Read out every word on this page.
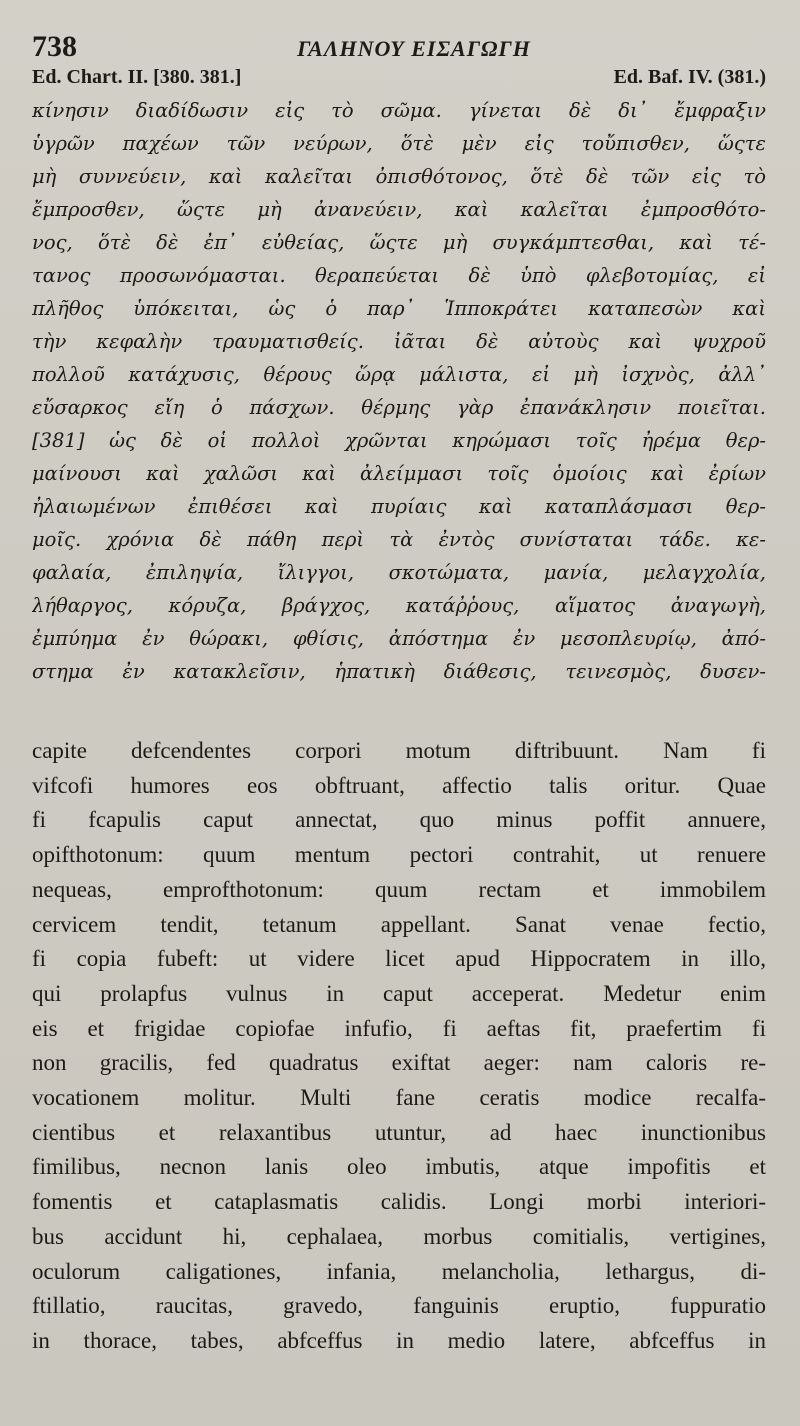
738	ΓΑΛΗΝΟΥ ΕΙΣΑΓΩΓΗ
Ed. Chart. II. [380. 381.]	Ed. Baf. IV. (381.)
κίνησιν διαδίδωσιν εἰς τὸ σῶμα. γίνεται δὲ δι᾽ ἔμφραξιν
ὑγρῶν παχέων τῶν νεύρων, ὅτὲ μὲν εἰς τοὔπισθεν, ὥςτε
μὴ συννεύειν, καὶ καλεῖται ὀπισθότονος, ὅτὲ δὲ τῶν εἰς τὸ
ἔμπροσθεν, ὥςτε μὴ ἀνανεύειν, καὶ καλεῖται ἐμπροσθότο-
νος, ὅτὲ δὲ ἐπ᾽ εὐθείας, ὥςτε μὴ συγκάμπτεσθαι, καὶ τέ-
τανος προσωνόμασται. θεραπεύεται δὲ ὑπὸ φλεβοτομίας, εἰ
πλῆθος ὑπόκειται, ὡς ὁ παρ᾽ Ἱπποκράτει καταπεσὼν καὶ
τὴν κεφαλὴν τραυματισθείς. ἰᾶται δὲ αὐτοὺς καὶ ψυχροῦ
πολλοῦ κατάχυσις, θέρους ὥρᾳ μάλιστα, εἰ μὴ ἰσχνὸς, ἀλλ᾽
εὔσαρκος εἴη ὁ πάσχων. θέρμης γὰρ ἐπανάκλησιν ποιεῖται.
[381] ὡς δὲ οἱ πολλοὶ χρῶνται κηρώμασι τοῖς ἠρέμα θερ-
μαίνουσι καὶ χαλῶσι καὶ ἀλείμμασι τοῖς ὁμοίοις καὶ ἐρίων
ἠλαιωμένων ἐπιθέσει καὶ πυρίαις καὶ καταπλάσμασι θερ-
μοῖς. χρόνια δὲ πάθη περὶ τὰ ἐντὸς συνίσταται τάδε. κε-
φαλαία, ἐπιληψία, ἴλιγγοι, σκοτώματα, μανία, μελαγχολία,
λήθαργος, κόρυζα, βράγχος, κατάῤῥους, αἵματος ἀναγωγὴ,
ἐμπύημα ἐν θώρακι, φθίσις, ἀπόστημα ἐν μεσοπλευρίῳ, ἀπό-
στημα ἐν κατακλεῖσιν, ἡπατικὴ διάθεσις, τεινεσμὸς, δυσεν-
capite defcendentes corpori motum diftribuunt. Nam fi
vifcofi humores eos obftruant, affectio talis oritur. Quae
fi fcapulis caput annectat, quo minus poffit annuere,
opifthotonum: quum mentum pectori contrahit, ut renuere
nequeas, emprofthotonum: quum rectam et immobilem
cervicem tendit, tetanum appellant. Sanat venae fectio,
fi copia fubeft: ut videre licet apud Hippocratem in illo,
qui prolapfus vulnus in caput acceperat. Medetur enim
eis et frigidae copiofae infufio, fi aeftas fit, praefertim fi
non gracilis, fed quadratus exiftat aeger: nam caloris re-
vocationem molitur. Multi fane ceratis modice recalfa-
cientibus et relaxantibus utuntur, ad haec inunctionibus
fimilibus, necnon lanis oleo imbutis, atque impofitis et
fomentis et cataplasmatis calidis. Longi morbi interiori-
bus accidunt hi, cephalaea, morbus comitialis, vertigines,
oculorum caligationes, infania, melancholia, lethargus, di-
ftillatio, raucitas, gravedo, fanguinis eruptio, fuppuratio
in thorace, tabes, abfceffus in medio latere, abfceffus in
